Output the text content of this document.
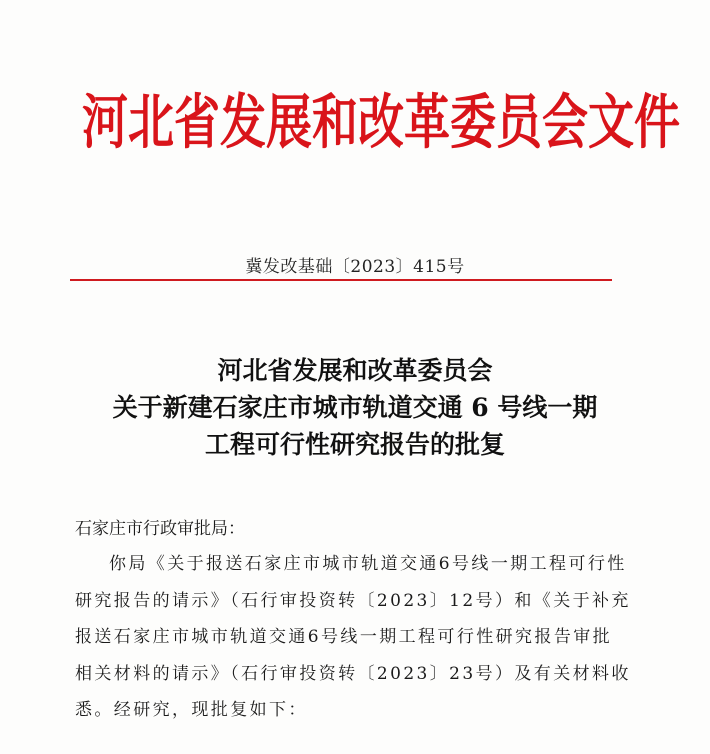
河北省发展和改革委员会文件
冀发改基础〔2023〕415号
河北省发展和改革委员会
关于新建石家庄市城市轨道交通 6 号线一期
工程可行性研究报告的批复
石家庄市行政审批局：
你局《关于报送石家庄市城市轨道交通6号线一期工程可行性
研究报告的请示》（石行审投资转〔2023〕12号）和《关于补充
报送石家庄市城市轨道交通6号线一期工程可行性研究报告审批
相关材料的请示》（石行审投资转〔2023〕23号）及有关材料收
悉。经研究，现批复如下：
